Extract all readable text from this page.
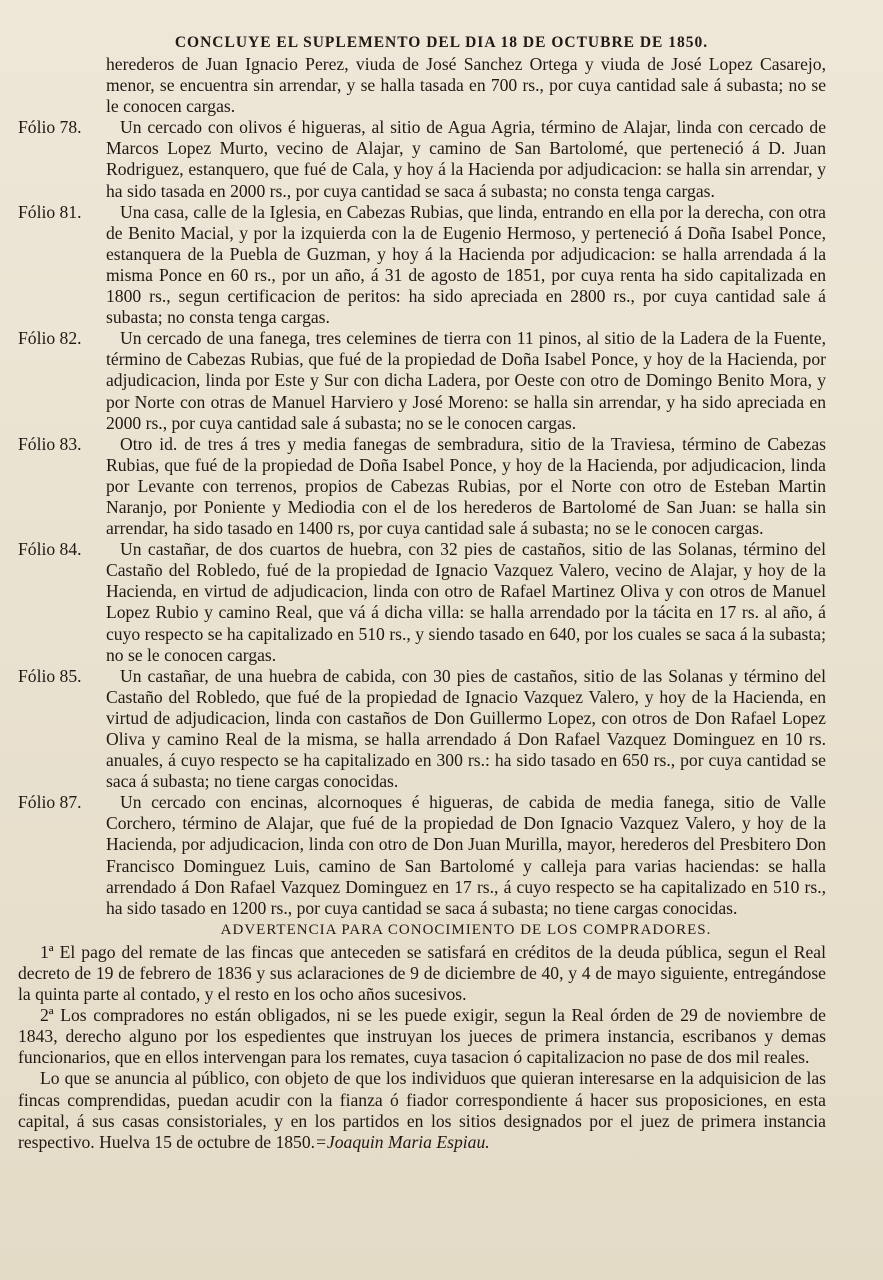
CONCLUYE EL SUPLEMENTO DEL DIA 18 DE OCTUBRE DE 1850.

herederos de Juan Ignacio Perez, viuda de José Sanchez Ortega y viuda de José Lopez Casarejo, menor, se encuentra sin arrendar, y se halla tasada en 700 rs., por cuya cantidad sale á subasta; no se le conocen cargas.

Fólio 78.	Un cercado con olivos é higueras, al sitio de Agua Agria, término de Alajar, linda con cercado de Marcos Lopez Murto, vecino de Alajar, y camino de San Bartolomé, que perteneció á D. Juan Rodriguez, estanquero, que fué de Cala, y hoy á la Hacienda por adjudicacion: se halla sin arrendar, y ha sido tasada en 2000 rs., por cuya cantidad se saca á subasta; no consta tenga cargas.

Fólio 81.	Una casa, calle de la Iglesia, en Cabezas Rubias, que linda, entrando en ella por la derecha, con otra de Benito Macial, y por la izquierda con la de Eugenio Hermoso, y perteneció á Doña Isabel Ponce, estanquera de la Puebla de Guzman, y hoy á la Hacienda por adjudicacion: se halla arrendada á la misma Ponce en 60 rs., por un año, á 31 de agosto de 1851, por cuya renta ha sido capitalizada en 1800 rs., segun certificacion de peritos: ha sido apreciada en 2800 rs., por cuya cantidad sale á subasta; no consta tenga cargas.

Fólio 82.	Un cercado de una fanega, tres celemines de tierra con 11 pinos, al sitio de la Ladera de la Fuente, término de Cabezas Rubias, que fué de la propiedad de Doña Isabel Ponce, y hoy de la Hacienda, por adjudicacion, linda por Este y Sur con dicha Ladera, por Oeste con otro de Domingo Benito Mora, y por Norte con otras de Manuel Harviero y José Moreno: se halla sin arrendar, y ha sido apreciada en 2000 rs., por cuya cantidad sale á subasta; no se le conocen cargas.

Fólio 83.	Otro id. de tres á tres y media fanegas de sembradura, sitio de la Traviesa, término de Cabezas Rubias, que fué de la propiedad de Doña Isabel Ponce, y hoy de la Hacienda, por adjudicacion, linda por Levante con terrenos, propios de Cabezas Rubias, por el Norte con otro de Esteban Martin Naranjo, por Poniente y Mediodia con el de los herederos de Bartolomé de San Juan: se halla sin arrendar, ha sido tasado en 1400 rs, por cuya cantidad sale á subasta; no se le conocen cargas.

Fólio 84.	Un castañar, de dos cuartos de huebra, con 32 pies de castaños, sitio de las Solanas, término del Castaño del Robledo, fué de la propiedad de Ignacio Vazquez Valero, vecino de Alajar, y hoy de la Hacienda, en virtud de adjudicacion, linda con otro de Rafael Martinez Oliva y con otros de Manuel Lopez Rubio y camino Real, que vá á dicha villa: se halla arrendado por la tácita en 17 rs. al año, á cuyo respecto se ha capitalizado en 510 rs., y siendo tasado en 640, por los cuales se saca á la subasta; no se le conocen cargas.

Fólio 85.	Un castañar, de una huebra de cabida, con 30 pies de castaños, sitio de las Solanas y término del Castaño del Robledo, que fué de la propiedad de Ignacio Vazquez Valero, y hoy de la Hacienda, en virtud de adjudicacion, linda con castaños de Don Guillermo Lopez, con otros de Don Rafael Lopez Oliva y camino Real de la misma, se halla arrendado á Don Rafael Vazquez Dominguez en 10 rs. anuales, á cuyo respecto se ha capitalizado en 300 rs.: ha sido tasado en 650 rs., por cuya cantidad se saca á subasta; no tiene cargas conocidas.

Fólio 87.	Un cercado con encinas, alcornoques é higueras, de cabida de media fanega, sitio de Valle Corchero, término de Alajar, que fué de la propiedad de Don Ignacio Vazquez Valero, y hoy de la Hacienda, por adjudicacion, linda con otro de Don Juan Murilla, mayor, herederos del Presbitero Don Francisco Dominguez Luis, camino de San Bartolomé y calleja para varias haciendas: se halla arrendado á Don Rafael Vazquez Dominguez en 17 rs., á cuyo respecto se ha capitalizado en 510 rs., ha sido tasado en 1200 rs., por cuya cantidad se saca á subasta; no tiene cargas conocidas.

ADVERTENCIA PARA CONOCIMIENTO DE LOS COMPRADORES.

1ª El pago del remate de las fincas que anteceden se satisfará en créditos de la deuda pública, segun el Real decreto de 19 de febrero de 1836 y sus aclaraciones de 9 de diciembre de 40, y 4 de mayo siguiente, entregándose la quinta parte al contado, y el resto en los ocho años sucesivos.

2ª Los compradores no están obligados, ni se les puede exigir, segun la Real órden de 29 de noviembre de 1843, derecho alguno por los espedientes que instruyan los jueces de primera instancia, escribanos y demas funcionarios, que en ellos intervengan para los remates, cuya tasacion ó capitalizacion no pase de dos mil reales.

Lo que se anuncia al público, con objeto de que los individuos que quieran interesarse en la adquisicion de las fincas comprendidas, puedan acudir con la fianza ó fiador correspondiente á hacer sus proposiciones, en esta capital, á sus casas consistoriales, y en los partidos en los sitios designados por el juez de primera instancia respectivo. Huelva 15 de octubre de 1850.=Joaquin Maria Espiau.
